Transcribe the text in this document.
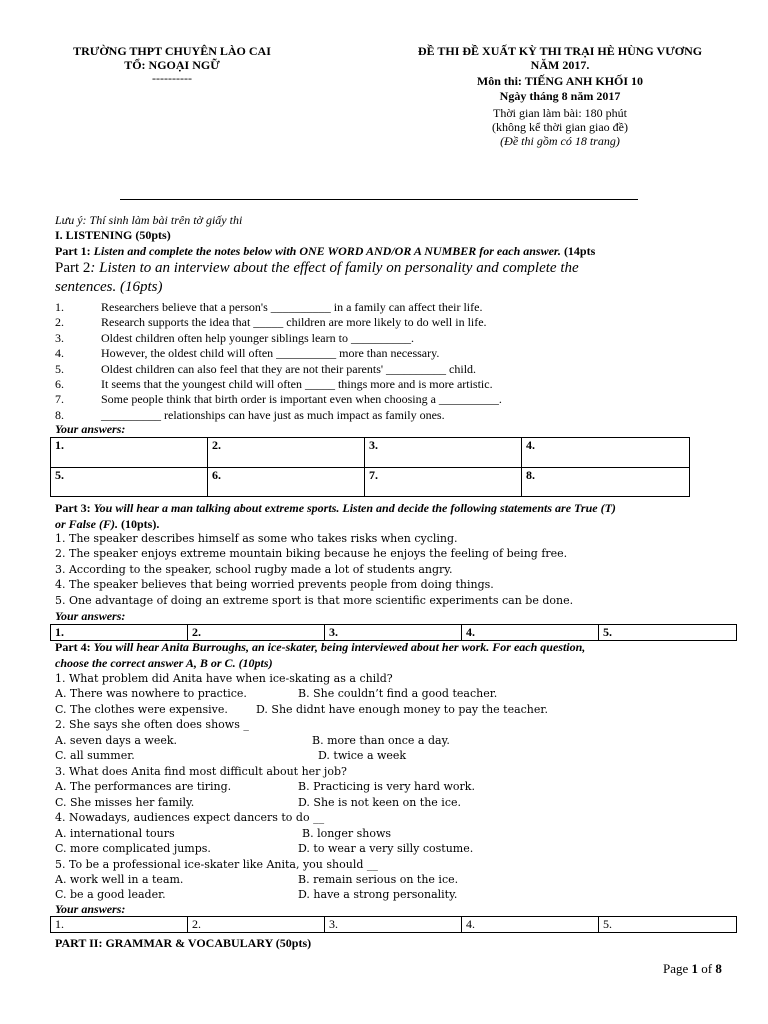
TRƯỜNG THPT CHUYÊN LÀO CAI
TỔ: NGOẠI NGỮ
----------
ĐỀ THI ĐỀ XUẤT KỲ THI TRẠI HÈ HÙNG VƯƠNG
NĂM 2017.
Môn thi: TIẾNG ANH KHỐI 10
Ngày tháng 8 năm 2017
Thời gian làm bài: 180 phút
(không kể thời gian giao đề)
(Đề thi gồm có 18 trang)
Lưu ý: Thí sinh làm bài trên tờ giấy thi
I. LISTENING (50pts)
Part 1: Listen and complete the notes below with ONE WORD AND/OR A NUMBER for each answer. (14pts
Part 2: Listen to an interview about the effect of family on personality and complete the
sentences. (16pts)
1.	Researchers believe that a person's __________ in a family can affect their life.
2.	Research supports the idea that _____ children are more likely to do well in life.
3.	Oldest children often help younger siblings learn to __________.
4.	However, the oldest child will often __________ more than necessary.
5.	Oldest children can also feel that they are not their parents' __________ child.
6.	It seems that the youngest child will often _____ things more and is more artistic.
7.	Some people think that birth order is important even when choosing a __________.
8.	__________ relationships can have just as much impact as family ones.
Your answers:
1.	2.	3.	4.
5.	6.	7.	8.
Part 3: You will hear a man talking about extreme sports. Listen and decide the following statements are True (T)
or False (F). (10pts).
1. The speaker describes himself as some who takes risks when cycling.
2. The speaker enjoys extreme mountain biking because he enjoys the feeling of being free.
3. According to the speaker, school rugby made a lot of students angry.
4. The speaker believes that being worried prevents people from doing things.
5. One advantage of doing an extreme sport is that more scientific experiments can be done.
Your answers:
1.	2.	3.	4.	5.
Part 4: You will hear Anita Burroughs, an ice-skater, being interviewed about her work. For each question,
choose the correct answer A, B or C. (10pts)
1. What problem did Anita have when ice-skating as a child?
A. There was nowhere to practice.	B. She couldn’t find a good teacher.
C. The clothes were expensive.	D. She didnt have enough money to pay the teacher.
2. She says she often does shows _
A. seven days a week.	B. more than once a day.
C. all summer.	D. twice a week
3. What does Anita find most difficult about her job?
A. The performances are tiring.	B. Practicing is very hard work.
C. She misses her family.	D. She is not keen on the ice.
4. Nowadays, audiences expect dancers to do __
A. international tours	B. longer shows
C. more complicated jumps.	D. to wear a very silly costume.
5. To be a professional ice-skater like Anita, you should __
A. work well in a team.	B. remain serious on the ice.
C. be a good leader.	D. have a strong personality.
Your answers:
1.	2.	3.	4.	5.
PART II: GRAMMAR & VOCABULARY (50pts)
Page 1 of 8
